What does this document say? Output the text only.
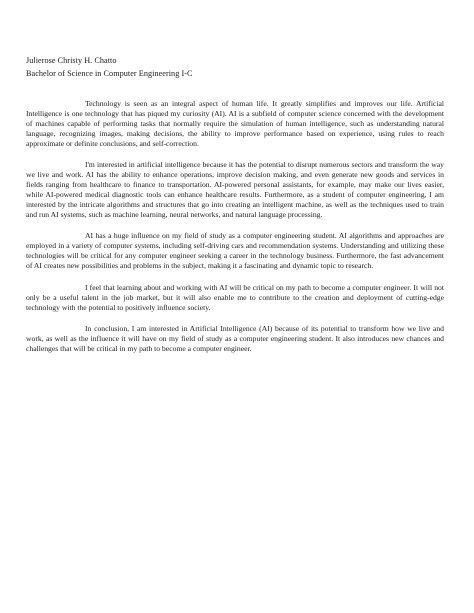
Julierose Christy H. Chatto
Bachelor of Science in Computer Engineering I-C

Technology is seen as an integral aspect of human life. It greatly simplifies and improves our life. Artificial Intelligence is one technology that has piqued my curiosity (AI). AI is a subfield of computer science concerned with the development of machines capable of performing tasks that normally require the simulation of human intelligence, such as understanding natural language, recognizing images, making decisions, the ability to improve performance based on experience, using rules to reach approximate or definite conclusions, and self-correction.

I'm interested in artificial intelligence because it has the potential to disrupt numerous sectors and transform the way we live and work. AI has the ability to enhance operations, improve decision making, and even generate new goods and services in fields ranging from healthcare to finance to transportation. AI-powered personal assistants, for example, may make our lives easier, while AI-powered medical diagnostic tools can enhance healthcare results. Furthermore, as a student of computer engineering, I am interested by the intricate algorithms and structures that go into creating an intelligent machine, as well as the techniques used to train and run AI systems, such as machine learning, neural networks, and natural language processing.

AI has a huge influence on my field of study as a computer engineering student. AI algorithms and approaches are employed in a variety of computer systems, including self-driving cars and recommendation systems. Understanding and utilizing these technologies will be critical for any computer engineer seeking a career in the technology business. Furthermore, the fast advancement of AI creates new possibilities and problems in the subject, making it a fascinating and dynamic topic to research.

I feel that learning about and working with AI will be critical on my path to become a computer engineer. It will not only be a useful talent in the job market, but it will also enable me to contribute to the creation and deployment of cutting-edge technology with the potential to positively influence society.

In conclusion, I am interested in Artificial Intelligence (AI) because of its potential to transform how we live and work, as well as the influence it will have on my field of study as a computer engineering student. It also introduces new chances and challenges that will be critical in my path to become a computer engineer.
